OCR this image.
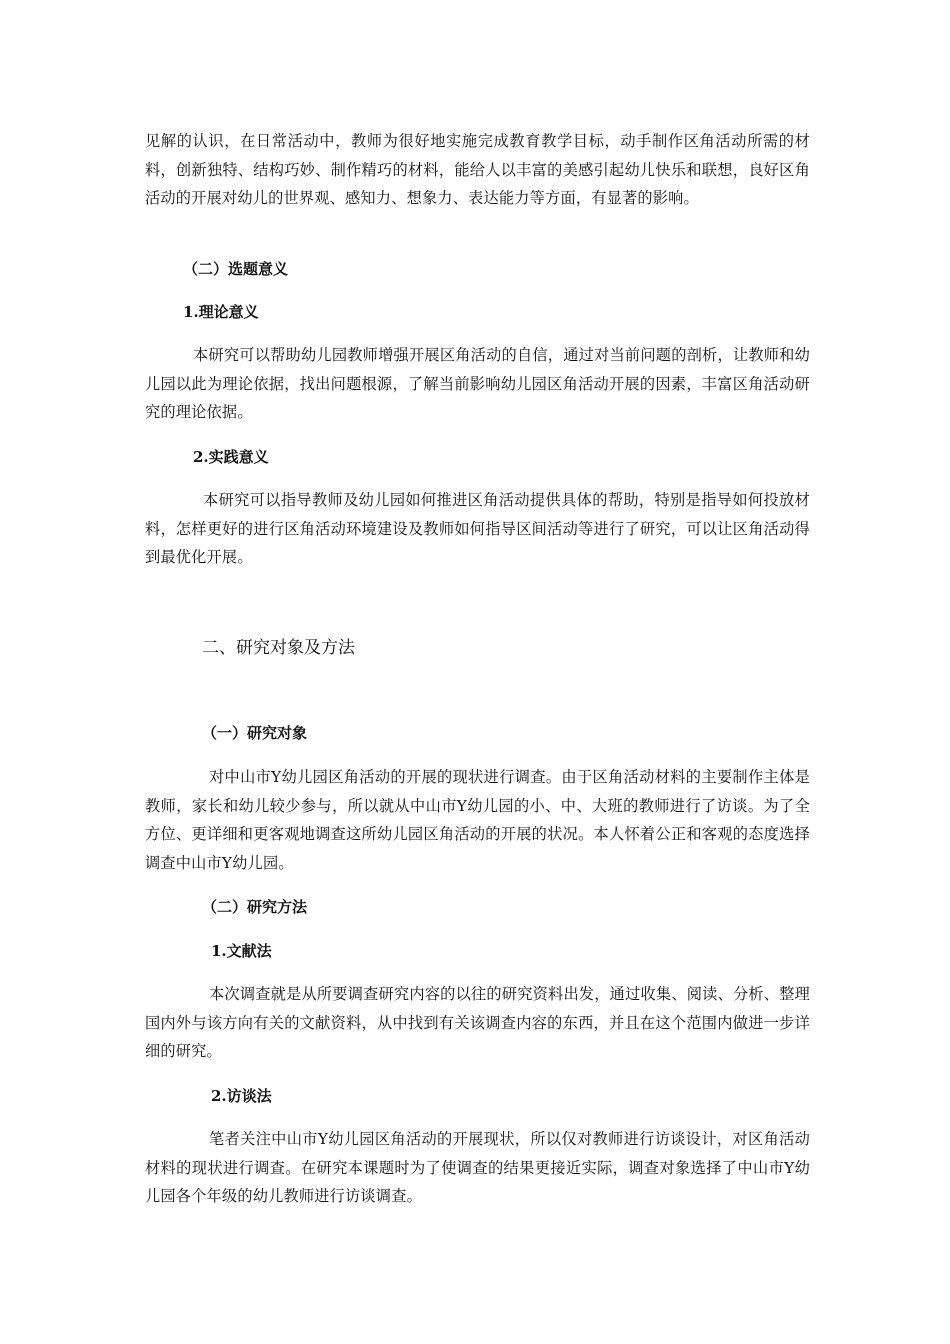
见解的认识，在日常活动中，教师为很好地实施完成教育教学目标，动手制作区角活动所需的材料，创新独特、结构巧妙、制作精巧的材料，能给人以丰富的美感引起幼儿快乐和联想，良好区角活动的开展对幼儿的世界观、感知力、想象力、表达能力等方面，有显著的影响。

（二）选题意义

1.理论意义

本研究可以帮助幼儿园教师增强开展区角活动的自信，通过对当前问题的剖析，让教师和幼儿园以此为理论依据，找出问题根源，了解当前影响幼儿园区角活动开展的因素，丰富区角活动研究的理论依据。

2.实践意义

本研究可以指导教师及幼儿园如何推进区角活动提供具体的帮助，特别是指导如何投放材料，怎样更好的进行区角活动环境建设及教师如何指导区间活动等进行了研究，可以让区角活动得到最优化开展。

二、研究对象及方法

（一）研究对象

对中山市Y幼儿园区角活动的开展的现状进行调查。由于区角活动材料的主要制作主体是教师，家长和幼儿较少参与，所以就从中山市Y幼儿园的小、中、大班的教师进行了访谈。为了全方位、更详细和更客观地调查这所幼儿园区角活动的开展的状况。本人怀着公正和客观的态度选择调查中山市Y幼儿园。

（二）研究方法

1.文献法

本次调查就是从所要调查研究内容的以往的研究资料出发，通过收集、阅读、分析、整理国内外与该方向有关的文献资料，从中找到有关该调查内容的东西，并且在这个范围内做进一步详细的研究。

2.访谈法

笔者关注中山市Y幼儿园区角活动的开展现状，所以仅对教师进行访谈设计，对区角活动材料的现状进行调查。在研究本课题时为了使调查的结果更接近实际，调查对象选择了中山市Y幼儿园各个年级的幼儿教师进行访谈调查。
